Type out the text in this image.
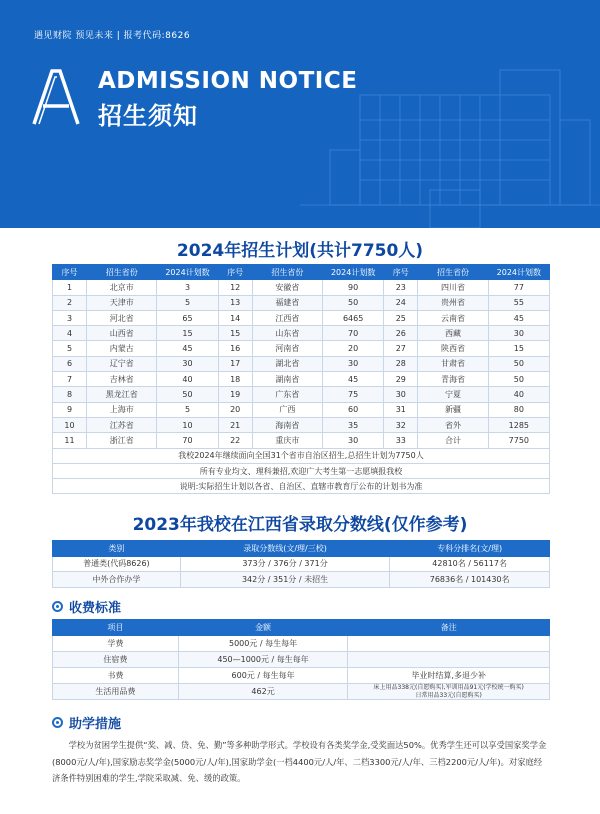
遇见财院 预见未来 | 报考代码:8626
ADMISSION NOTICE
招生须知
2024年招生计划(共计7750人)
序号	招生省份	2024计划数	序号	招生省份	2024计划数	序号	招生省份	2024计划数
1	北京市	3	12	安徽省	90	23	四川省	77
2	天津市	5	13	福建省	50	24	贵州省	55
3	河北省	65	14	江西省	6465	25	云南省	45
4	山西省	15	15	山东省	70	26	西藏	30
5	内蒙古	45	16	河南省	20	27	陕西省	15
6	辽宁省	30	17	湖北省	30	28	甘肃省	50
7	吉林省	40	18	湖南省	45	29	青海省	50
8	黑龙江省	50	19	广东省	75	30	宁夏	40
9	上海市	5	20	广西	60	31	新疆	80
10	江苏省	10	21	海南省	35	32	省外	1285
11	浙江省	70	22	重庆市	30	33	合计	7750
我校2024年继续面向全国31个省市自治区招生,总招生计划为7750人								
所有专业均文、理科兼招,欢迎广大考生第一志愿填报我校								
说明:实际招生计划以各省、自治区、直辖市教育厅公布的计划书为准								
2023年我校在江西省录取分数线(仅作参考)
类别	录取分数线(文/理/三校)	专科分排名(文/理)
普通类(代码8626)	373分 / 376分 / 371分	42810名 / 56117名
中外合作办学	342分 / 351分 / 未招生	76836名 / 101430名
收费标准
项目	金额	备注
学费	5000元 / 每生每年	
住宿费	450—1000元 / 每生每年	
书费	600元 / 每生每年	毕业时结算,多退少补
生活用品费	462元	床上用品338元(自愿购买),军训用品91元(学校统一购买)
日常用品33元(自愿购买)
助学措施
学校为贫困学生提供“奖、减、贷、免、勤”等多种助学形式。学校设有各类奖学金,受奖面达50%。优秀学生还可以享受国家奖学金(8000元/人/年),国家励志奖学金(5000元/人/年),国家助学金(一档4400元/人/年、二档3300元/人/年、三档2200元/人/年)。对家庭经济条件特别困难的学生,学院采取减、免、缓的政策。
